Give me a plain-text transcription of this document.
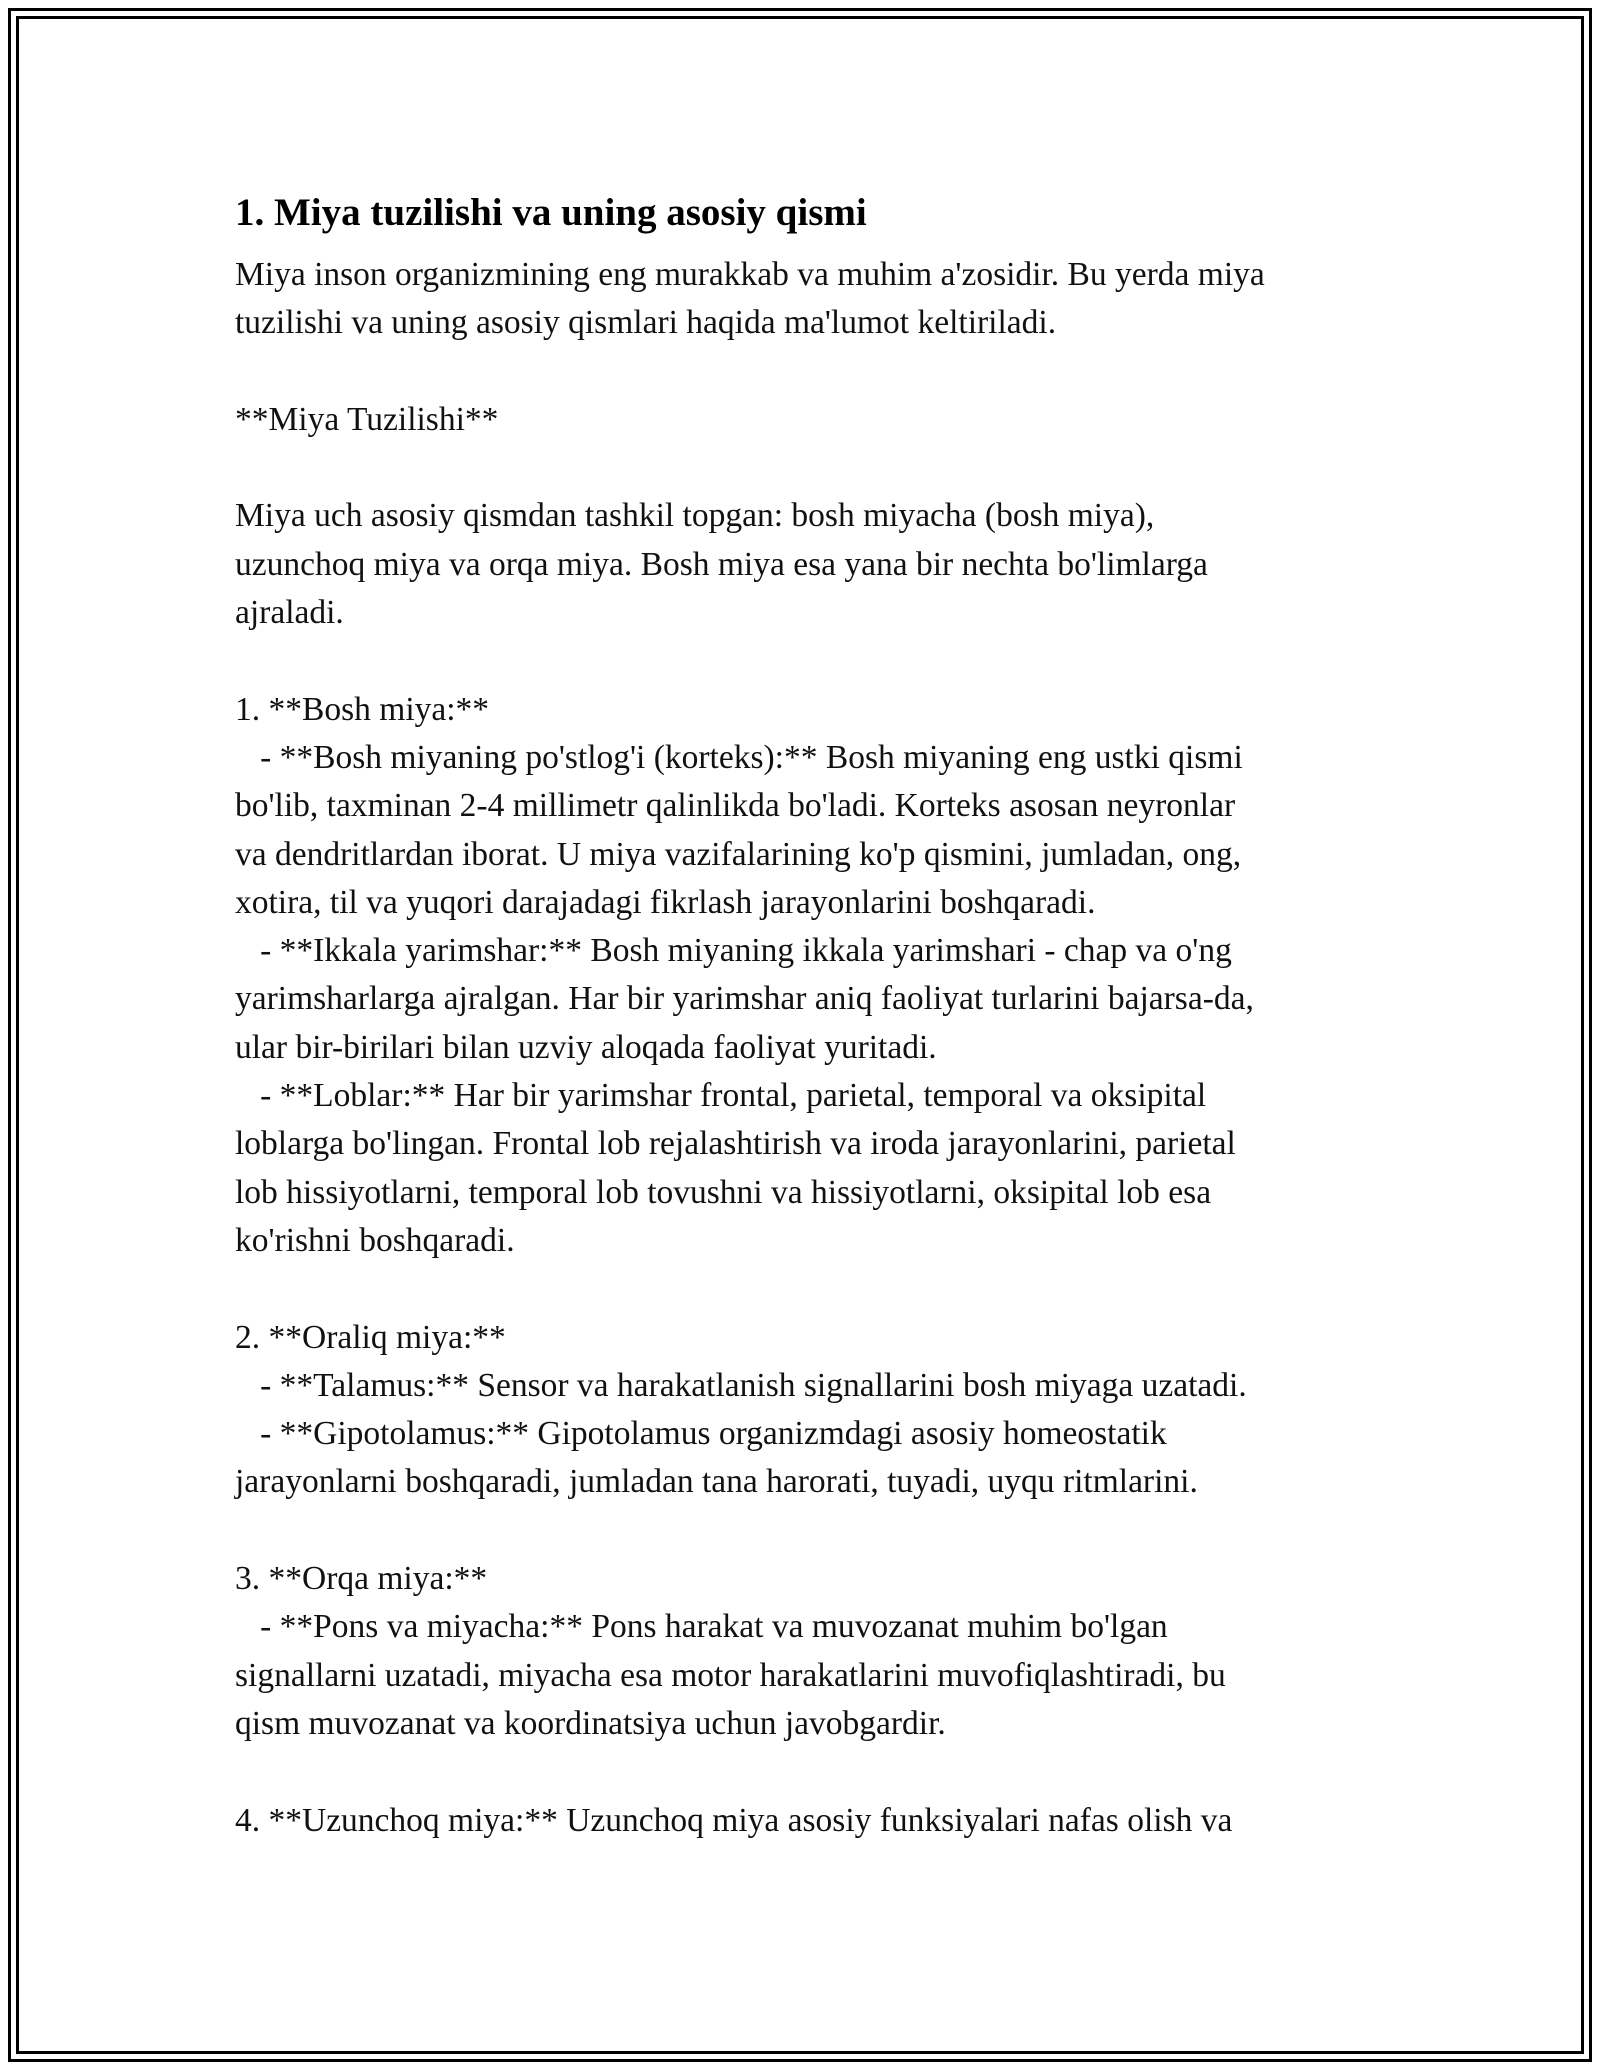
1. Miya tuzilishi va uning asosiy qismi
Miya inson organizmining eng murakkab va muhim a'zosidir. Bu yerda miya
tuzilishi va uning asosiy qismlari haqida ma'lumot keltiriladi.

**Miya Tuzilishi**

Miya uch asosiy qismdan tashkil topgan: bosh miyacha (bosh miya),
uzunchoq miya va orqa miya. Bosh miya esa yana bir nechta bo'limlarga
ajraladi.

1. **Bosh miya:**
- **Bosh miyaning po'stlog'i (korteks):** Bosh miyaning eng ustki qismi
bo'lib, taxminan 2-4 millimetr qalinlikda bo'ladi. Korteks asosan neyronlar
va dendritlardan iborat. U miya vazifalarining ko'p qismini, jumladan, ong,
xotira, til va yuqori darajadagi fikrlash jarayonlarini boshqaradi.
- **Ikkala yarimshar:** Bosh miyaning ikkala yarimshari - chap va o'ng
yarimsharlarga ajralgan. Har bir yarimshar aniq faoliyat turlarini bajarsa-da,
ular bir-birilari bilan uzviy aloqada faoliyat yuritadi.
- **Loblar:** Har bir yarimshar frontal, parietal, temporal va oksipital
loblarga bo'lingan. Frontal lob rejalashtirish va iroda jarayonlarini, parietal
lob hissiyotlarni, temporal lob tovushni va hissiyotlarni, oksipital lob esa
ko'rishni boshqaradi.

2. **Oraliq miya:**
- **Talamus:** Sensor va harakatlanish signallarini bosh miyaga uzatadi.
- **Gipotolamus:** Gipotolamus organizmdagi asosiy homeostatik
jarayonlarni boshqaradi, jumladan tana harorati, tuyadi, uyqu ritmlarini.

3. **Orqa miya:**
- **Pons va miyacha:** Pons harakat va muvozanat muhim bo'lgan
signallarni uzatadi, miyacha esa motor harakatlarini muvofiqlashtiradi, bu
qism muvozanat va koordinatsiya uchun javobgardir.

4. **Uzunchoq miya:** Uzunchoq miya asosiy funksiyalari nafas olish va
